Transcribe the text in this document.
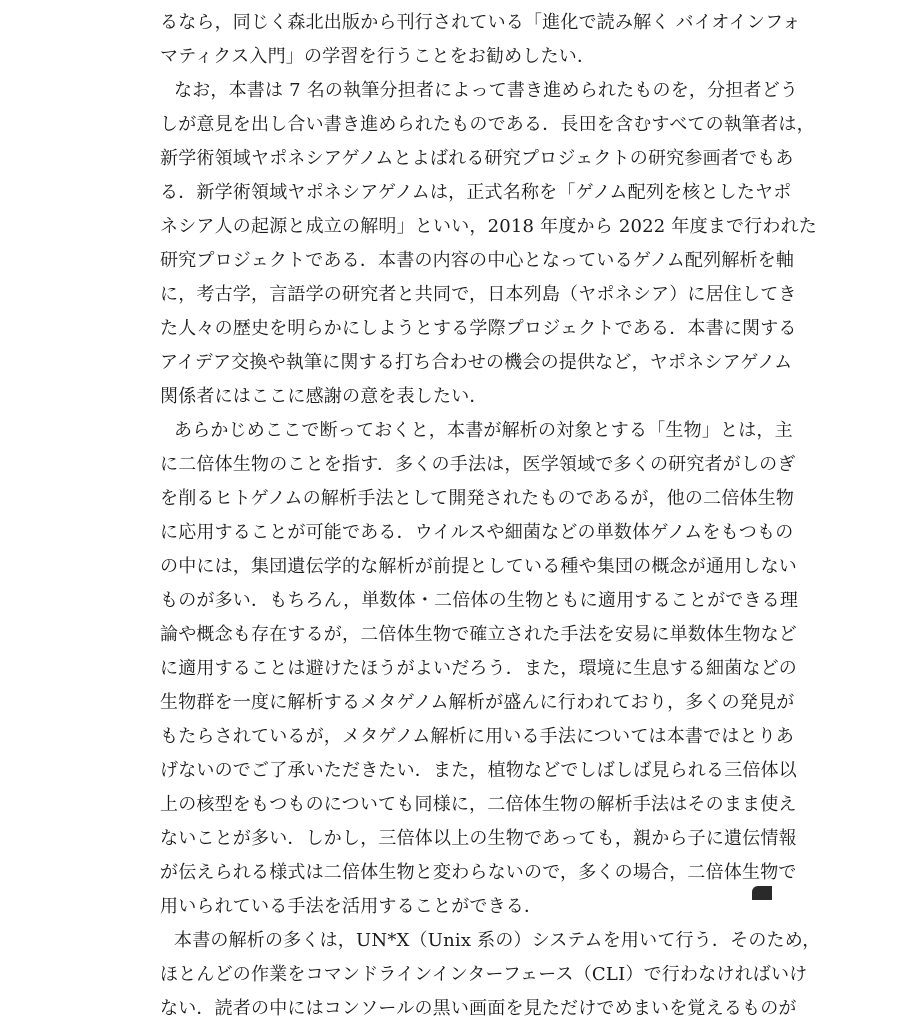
るなら，同じく森北出版から刊行されている「進化で読み解く バイオインフォ
マティクス入門」の学習を行うことをお勧めしたい．
なお，本書は 7 名の執筆分担者によって書き進められたものを，分担者どう
しが意見を出し合い書き進められたものである．長田を含むすべての執筆者は，
新学術領域ヤポネシアゲノムとよばれる研究プロジェクトの研究参画者でもあ
る．新学術領域ヤポネシアゲノムは，正式名称を「ゲノム配列を核としたヤポ
ネシア人の起源と成立の解明」といい，2018 年度から 2022 年度まで行われた
研究プロジェクトである．本書の内容の中心となっているゲノム配列解析を軸
に，考古学，言語学の研究者と共同で，日本列島（ヤポネシア）に居住してき
た人々の歴史を明らかにしようとする学際プロジェクトである．本書に関する
アイデア交換や執筆に関する打ち合わせの機会の提供など，ヤポネシアゲノム
関係者にはここに感謝の意を表したい．
あらかじめここで断っておくと，本書が解析の対象とする「生物」とは，主
に二倍体生物のことを指す．多くの手法は，医学領域で多くの研究者がしのぎ
を削るヒトゲノムの解析手法として開発されたものであるが，他の二倍体生物
に応用することが可能である．ウイルスや細菌などの単数体ゲノムをもつもの
の中には，集団遺伝学的な解析が前提としている種や集団の概念が通用しない
ものが多い．もちろん，単数体・二倍体の生物ともに適用することができる理
論や概念も存在するが，二倍体生物で確立された手法を安易に単数体生物など
に適用することは避けたほうがよいだろう．また，環境に生息する細菌などの
生物群を一度に解析するメタゲノム解析が盛んに行われており，多くの発見が
もたらされているが，メタゲノム解析に用いる手法については本書ではとりあ
げないのでご了承いただきたい．また，植物などでしばしば見られる三倍体以
上の核型をもつものについても同様に，二倍体生物の解析手法はそのまま使え
ないことが多い．しかし，三倍体以上の生物であっても，親から子に遺伝情報
が伝えられる様式は二倍体生物と変わらないので，多くの場合，二倍体生物で
用いられている手法を活用することができる．
本書の解析の多くは，UN*X（Unix 系の）システムを用いて行う．そのため，
ほとんどの作業をコマンドラインインターフェース（CLI）で行わなければいけ
ない．読者の中にはコンソールの黒い画面を見ただけでめまいを覚えるものが
